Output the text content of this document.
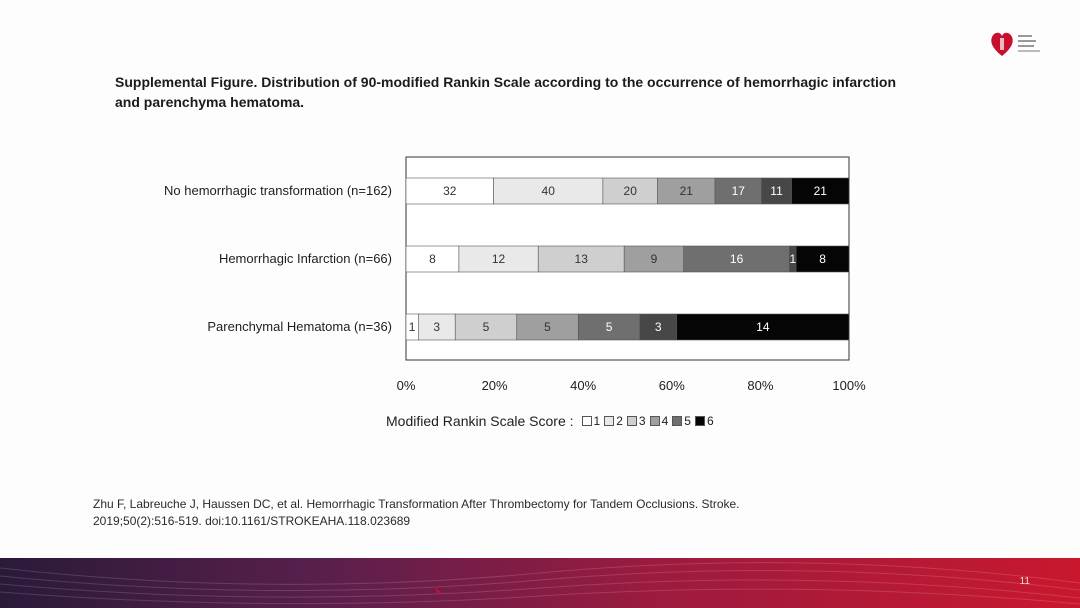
Supplemental Figure. Distribution of 90-modified Rankin Scale according to the occurrence of hemorrhagic infarction and parenchyma hematoma.
32	40	20	21	17 11	21
No hemorrhagic transformation (n=162)
8	12	13	9	16	1 8
Hemorrhagic Infarction (n=66)
1 3	5	5	5	3	14
Parenchymal Hematoma (n=36)
0%	20%	40%	60%	80%	100%
Modified Rankin Scale Score : 1 2 3 4 5 6
Zhu F, Labreuche J, Haussen DC, et al. Hemorrhagic Transformation After Thrombectomy for Tandem Occlusions. Stroke.
2019;50(2):516-519. doi:10.1161/STROKEAHA.118.023689
11
